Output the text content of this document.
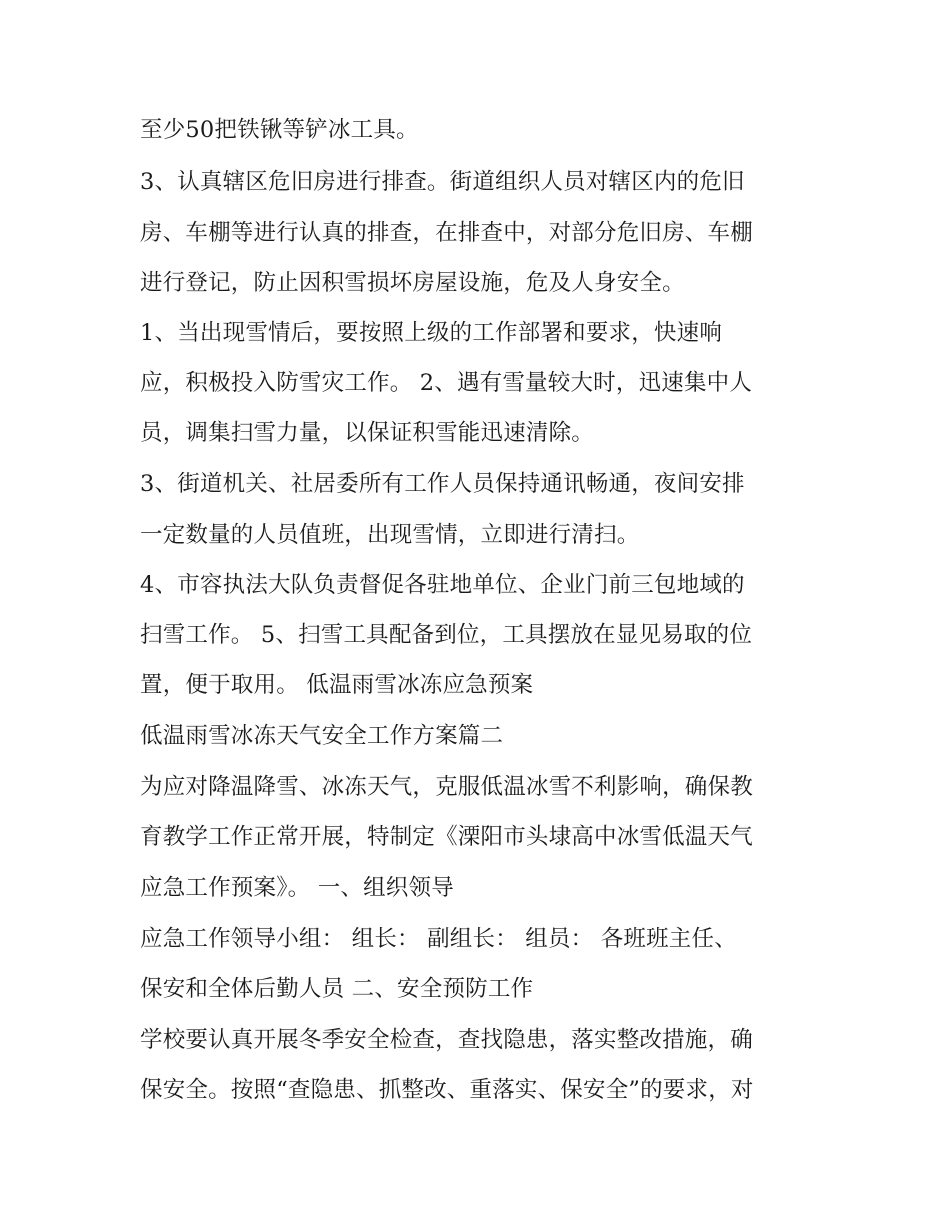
至少50把铁锹等铲冰工具。
3、认真辖区危旧房进行排查。街道组织人员对辖区内的危旧
房、车棚等进行认真的排查，在排查中，对部分危旧房、车棚
进行登记，防止因积雪损坏房屋设施，危及人身安全。
1、当出现雪情后，要按照上级的工作部署和要求，快速响
应，积极投入防雪灾工作。 2、遇有雪量较大时，迅速集中人
员，调集扫雪力量，以保证积雪能迅速清除。
3、街道机关、社居委所有工作人员保持通讯畅通，夜间安排
一定数量的人员值班，出现雪情，立即进行清扫。
4、市容执法大队负责督促各驻地单位、企业门前三包地域的
扫雪工作。 5、扫雪工具配备到位，工具摆放在显见易取的位
置，便于取用。 低温雨雪冰冻应急预案
低温雨雪冰冻天气安全工作方案篇二
为应对降温降雪、冰冻天气，克服低温冰雪不利影响，确保教
育教学工作正常开展，特制定《溧阳市头埭高中冰雪低温天气
应急工作预案》。 一、组织领导
应急工作领导小组： 组长： 副组长： 组员： 各班班主任、
保安和全体后勤人员 二、安全预防工作
学校要认真开展冬季安全检查，查找隐患，落实整改措施，确
保安全。按照“查隐患、抓整改、重落实、保安全”的要求，对
